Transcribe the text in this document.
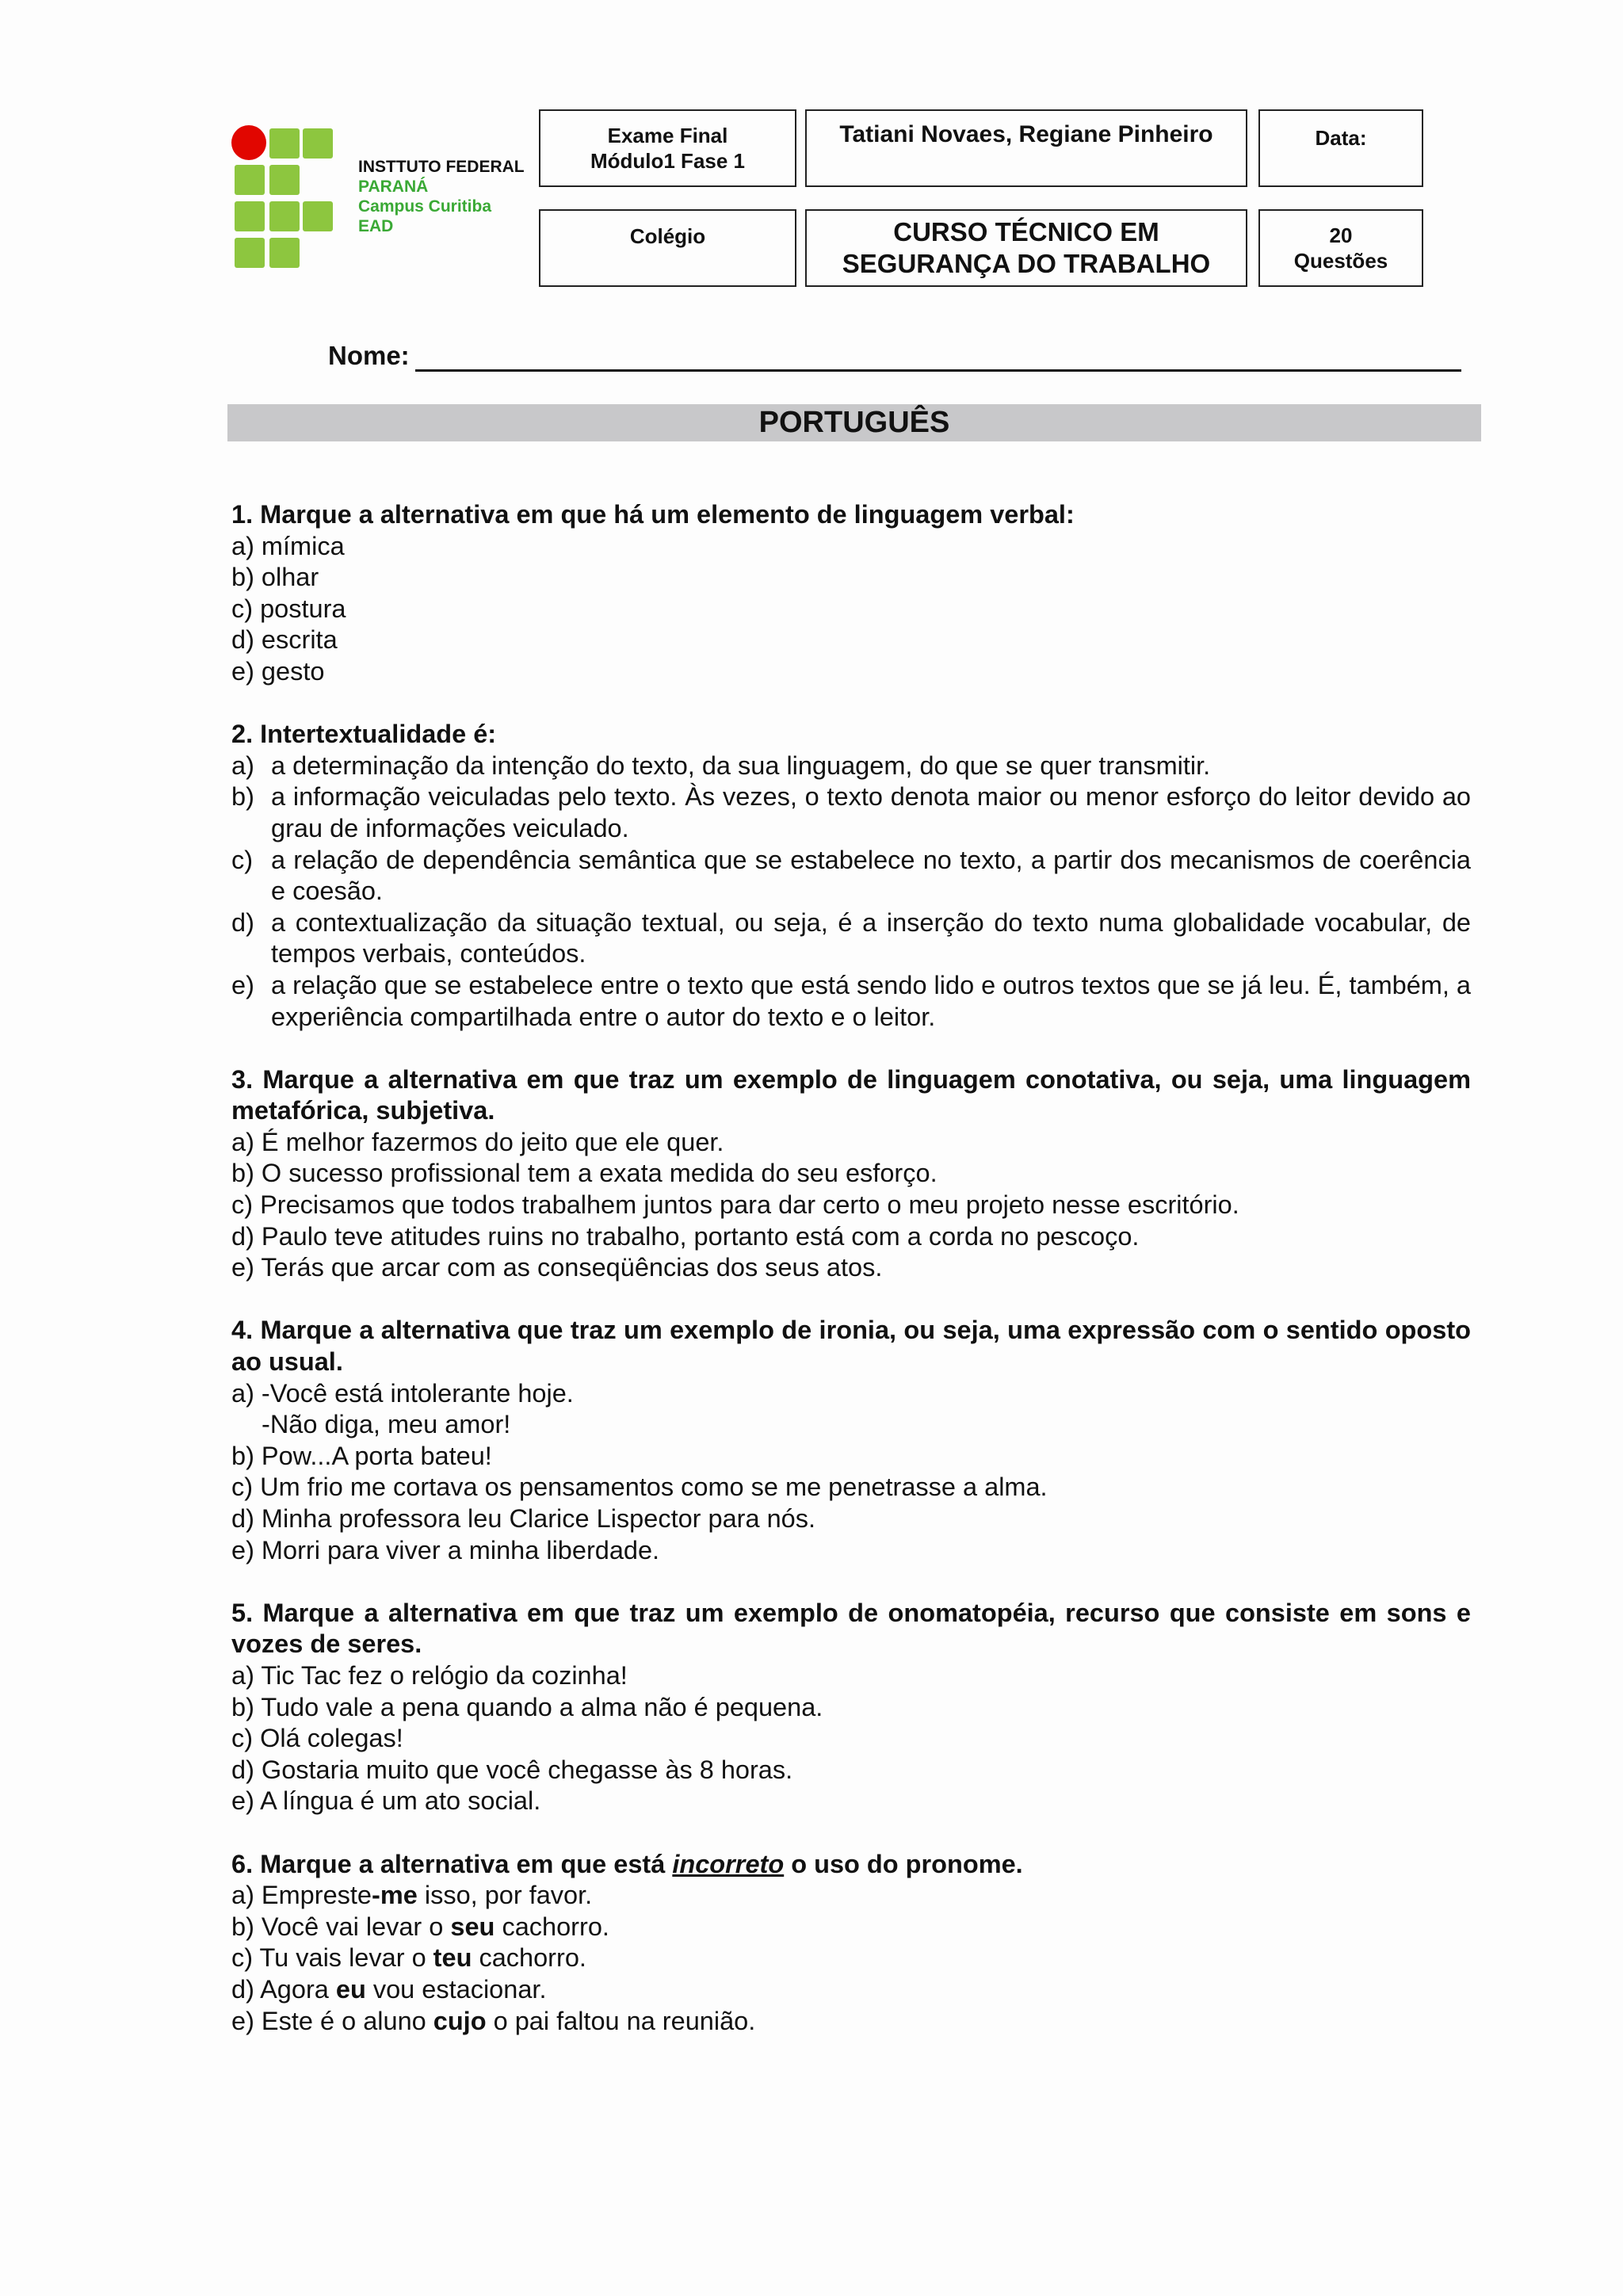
INSTTUTO FEDERAL
PARANÁ
Campus Curitiba
EAD
Exame Final
Módulo1 Fase 1
Tatiani Novaes, Regiane Pinheiro	Data:
Colégio	CURSO TÉCNICO EM
SEGURANÇA DO TRABALHO
20
Questões
Nome:
PORTUGUÊS
1. Marque a alternativa em que há um elemento de linguagem verbal:
a) mímica
b) olhar
c) postura
d) escrita
e) gesto
2. Intertextualidade é:
a) a determinação da intenção do texto, da sua linguagem, do que se quer transmitir.
b) a informação veiculadas pelo texto. Às vezes, o texto denota maior ou menor esforço do leitor devido ao grau de informações veiculado.
c) a relação de dependência semântica que se estabelece no texto, a partir dos mecanismos de coerência e coesão.
d) a contextualização da situação textual, ou seja, é a inserção do texto numa globalidade vocabular, de tempos verbais, conteúdos.
e) a relação que se estabelece entre o texto que está sendo lido e outros textos que se já leu. É, também, a experiência compartilhada entre o autor do texto e o leitor.
3. Marque a alternativa em que traz um exemplo de linguagem conotativa, ou seja, uma linguagem metafórica, subjetiva.
a) É melhor fazermos do jeito que ele quer.
b) O sucesso profissional tem a exata medida do seu esforço.
c) Precisamos que todos trabalhem juntos para dar certo o meu projeto nesse escritório.
d) Paulo teve atitudes ruins no trabalho, portanto está com a corda no pescoço.
e) Terás que arcar com as conseqüências dos seus atos.
4. Marque a alternativa que traz um exemplo de ironia, ou seja, uma expressão com o sentido oposto ao usual.
a) -Você está intolerante hoje.
-Não diga, meu amor!
b) Pow...A porta bateu!
c) Um frio me cortava os pensamentos como se me penetrasse a alma.
d) Minha professora leu Clarice Lispector para nós.
e) Morri para viver a minha liberdade.
5. Marque a alternativa em que traz um exemplo de onomatopéia, recurso que consiste em sons e vozes de seres.
a) Tic Tac fez o relógio da cozinha!
b) Tudo vale a pena quando a alma não é pequena.
c) Olá colegas!
d) Gostaria muito que você chegasse às 8 horas.
e) A língua é um ato social.
6. Marque a alternativa em que está incorreto o uso do pronome.
a) Empreste-me isso, por favor.
b) Você vai levar o seu cachorro.
c) Tu vais levar o teu cachorro.
d) Agora eu vou estacionar.
e) Este é o aluno cujo o pai faltou na reunião.
